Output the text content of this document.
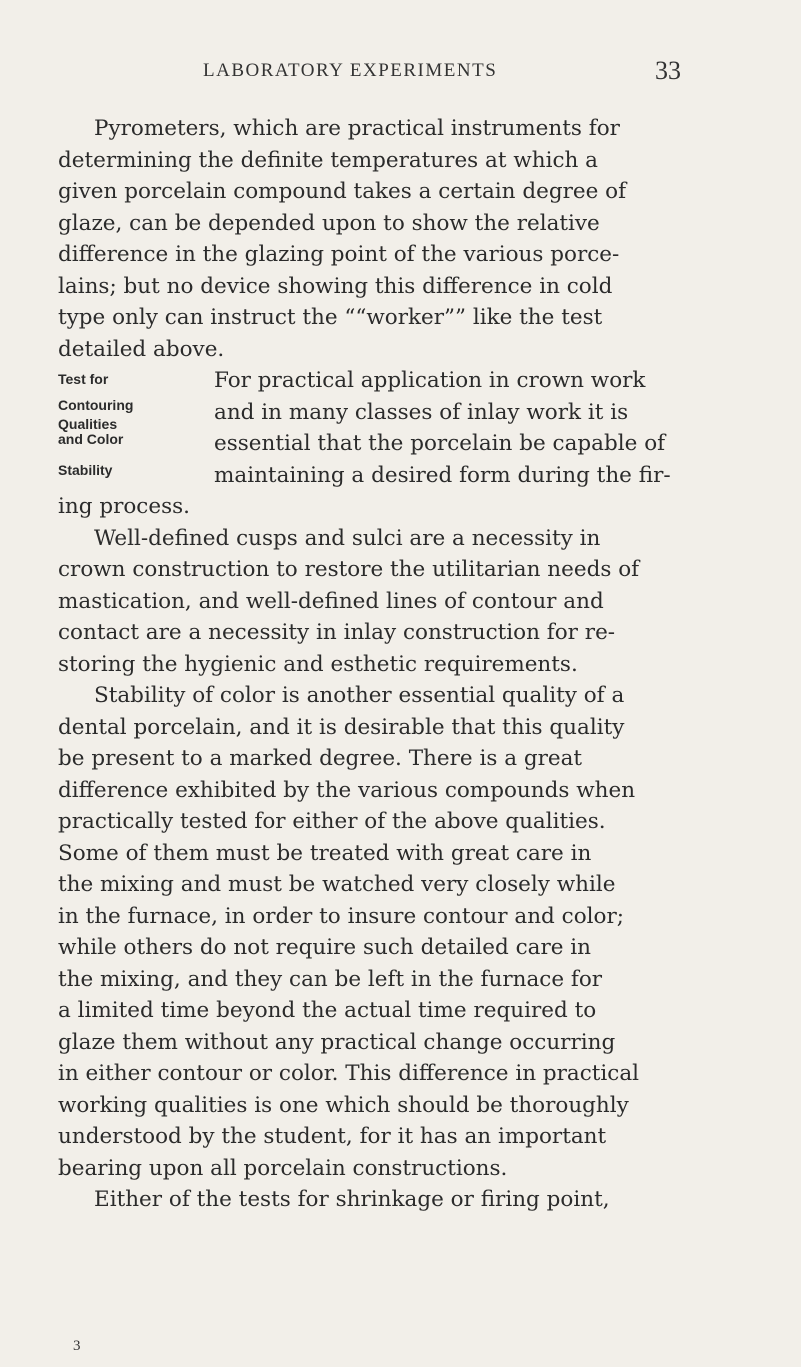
LABORATORY EXPERIMENTS	33
Pyrometers, which are practical instruments for
determining the definite temperatures at which a
given porcelain compound takes a certain degree of
glaze, can be depended upon to show the relative
difference in the glazing point of the various porce-
lains; but no device showing this difference in cold
type only can instruct the ““worker”” like the test
detailed above.
Test for
Contouring
Qualities
and Color
Stability
For practical application in crown work
and in many classes of inlay work it is
essential that the porcelain be capable of
maintaining a desired form during the fir-
ing process.
Well-defined cusps and sulci are a necessity in
crown construction to restore the utilitarian needs of
mastication, and well-defined lines of contour and
contact are a necessity in inlay construction for re-
storing the hygienic and esthetic requirements.
Stability of color is another essential quality of a
dental porcelain, and it is desirable that this quality
be present to a marked degree. There is a great
difference exhibited by the various compounds when
practically tested for either of the above qualities.
Some of them must be treated with great care in
the mixing and must be watched very closely while
in the furnace, in order to insure contour and color;
while others do not require such detailed care in
the mixing, and they can be left in the furnace for
a limited time beyond the actual time required to
glaze them without any practical change occurring
in either contour or color. This difference in practical
working qualities is one which should be thoroughly
understood by the student, for it has an important
bearing upon all porcelain constructions.
Either of the tests for shrinkage or firing point,
3
